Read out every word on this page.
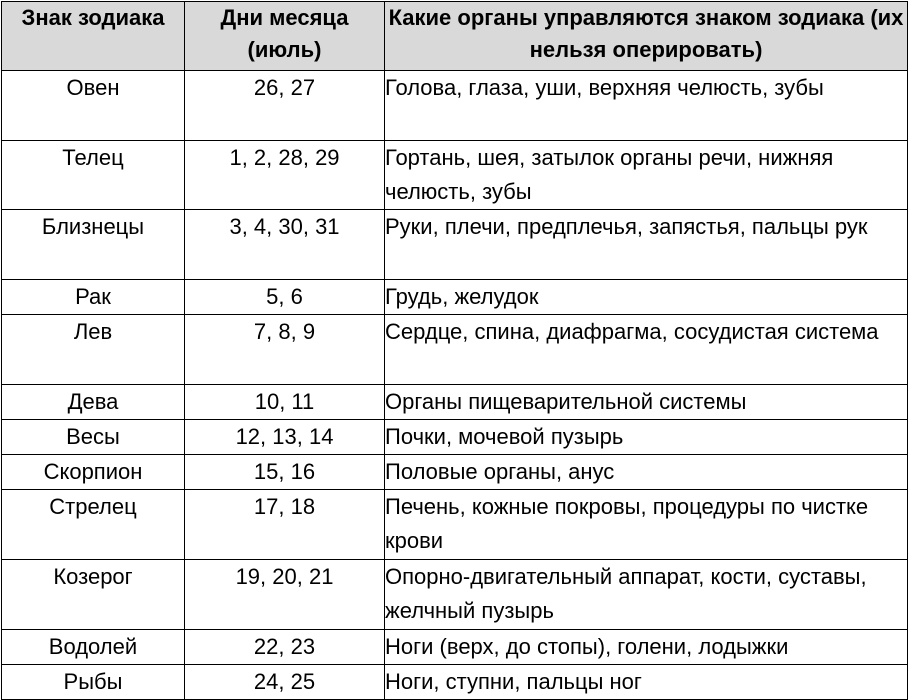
Знак зодиака	Дни месяца (июль)	Какие органы управляются знаком зодиака (их нельзя оперировать)
Овен	26, 27	Голова, глаза, уши, верхняя челюсть, зубы
Телец	1, 2, 28, 29	Гортань, шея, затылок органы речи, нижняя челюсть, зубы
Близнецы	3, 4, 30, 31	Руки, плечи, предплечья, запястья, пальцы рук
Рак	5, 6	Грудь, желудок
Лев	7, 8, 9	Сердце, спина, диафрагма, сосудистая система
Дева	10, 11	Органы пищеварительной системы
Весы	12, 13, 14	Почки, мочевой пузырь
Скорпион	15, 16	Половые органы, анус
Стрелец	17, 18	Печень, кожные покровы, процедуры по чистке крови
Козерог	19, 20, 21	Опорно-двигательный аппарат, кости, суставы, желчный пузырь
Водолей	22, 23	Ноги (верх, до стопы), голени, лодыжки
Рыбы	24, 25	Ноги, ступни, пальцы ног
